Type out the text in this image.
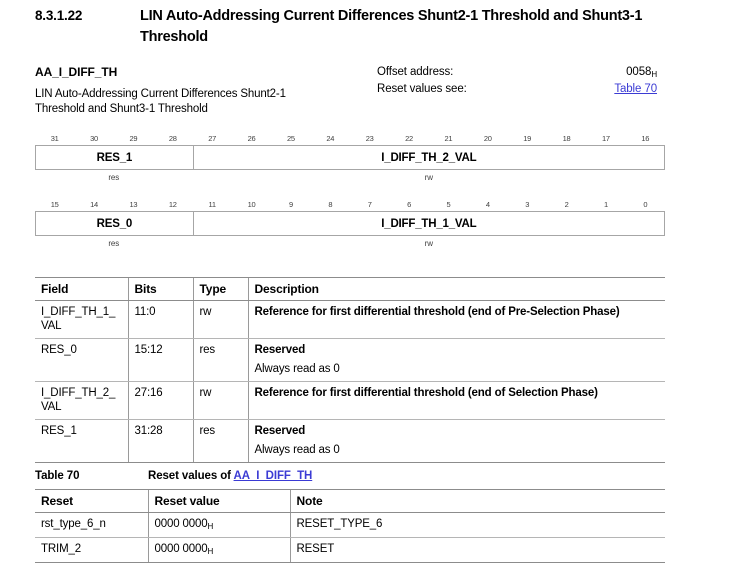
8.3.1.22	LIN Auto-Addressing Current Differences Shunt2-1 Threshold and Shunt3-1 Threshold
AA_I_DIFF_TH
LIN Auto-Addressing Current Differences Shunt2-1 Threshold and Shunt3-1 Threshold
Offset address:	$0058_H$
Reset values see:	Table 70
31	30	29	28	27	26	25	24	23	22	21	20	19	18	17	16
RES_1	I_DIFF_TH_2_VAL
res	rw
15	14	13	12	11	10	9	8	7	6	5	4	3	2	1	0
RES_0	I_DIFF_TH_1_VAL
res	rw
Field	Bits	Type	Description
I_DIFF_TH_1_VAL	11:0	rw	Reference for first differential threshold (end of Pre-Selection Phase)

RES_0	15:12	res	Reserved
Always read as 0

I_DIFF_TH_2_VAL	27:16	rw	Reference for first differential threshold (end of Selection Phase)

RES_1	31:28	res	Reserved
Always read as 0
Table 70	Reset values of AA_I_DIFF_TH
Reset	Reset value	Note
rst_type_6_n	0000 $0000_H$	RESET_TYPE_6
TRIM_2	0000 $0000_H$	RESET
